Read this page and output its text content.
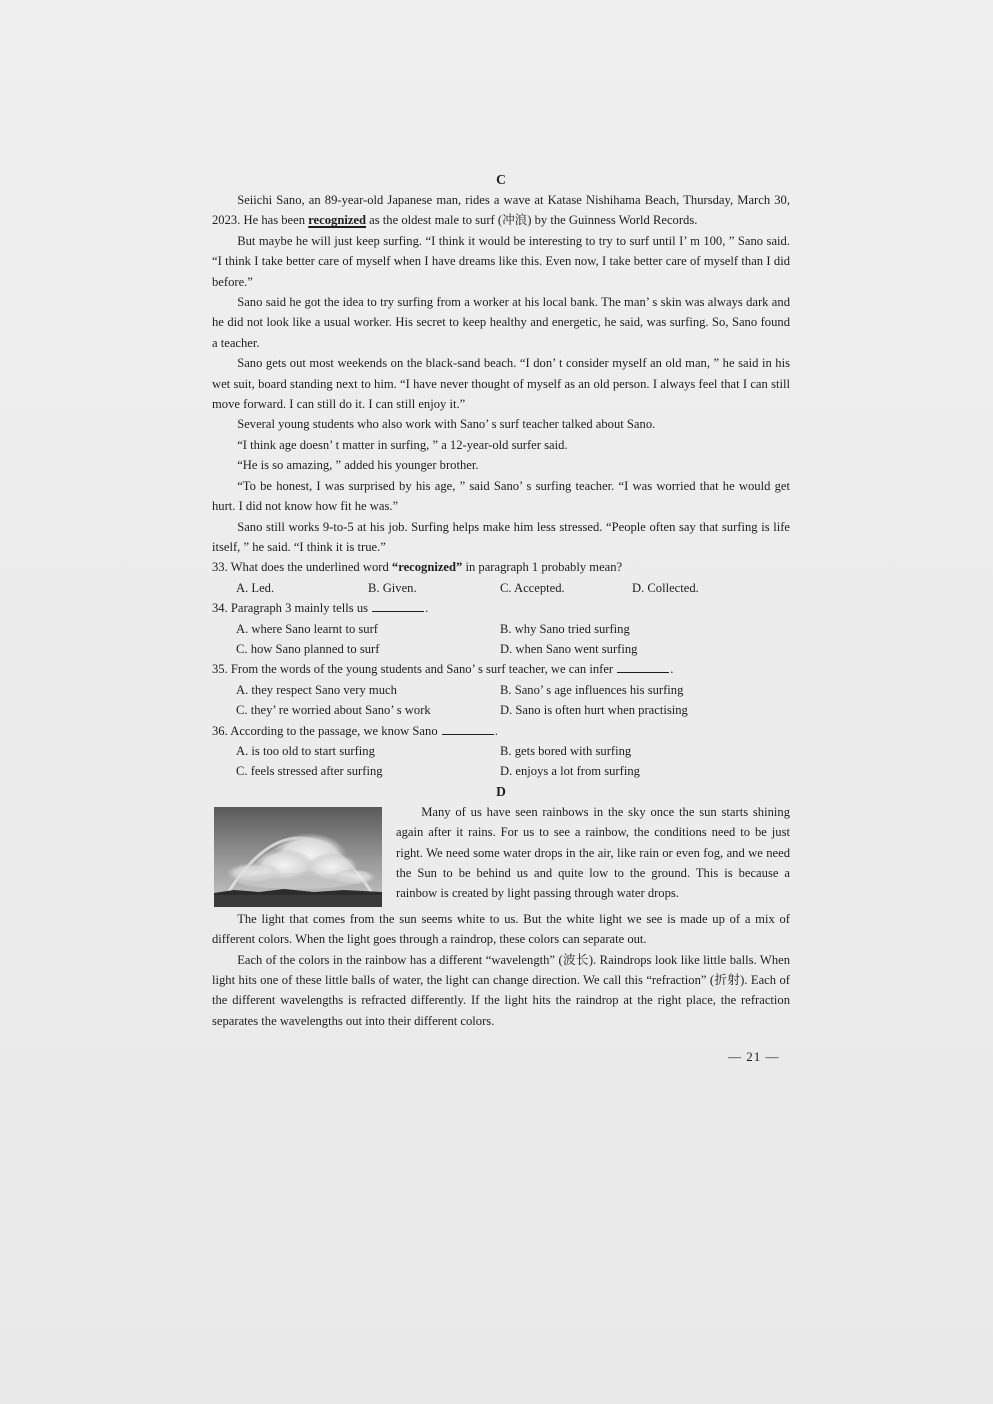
C

Seiichi Sano, an 89-year-old Japanese man, rides a wave at Katase Nishihama Beach, Thursday, March 30, 2023. He has been recognized as the oldest male to surf (冲浪) by the Guinness World Records.

But maybe he will just keep surfing. “I think it would be interesting to try to surf until I’ m 100, ” Sano said. “I think I take better care of myself when I have dreams like this. Even now, I take better care of myself than I did before.”

Sano said he got the idea to try surfing from a worker at his local bank. The man’ s skin was always dark and he did not look like a usual worker. His secret to keep healthy and energetic, he said, was surfing. So, Sano found a teacher.

Sano gets out most weekends on the black-sand beach. “I don’ t consider myself an old man, ” he said in his wet suit, board standing next to him. “I have never thought of myself as an old person. I always feel that I can still move forward. I can still do it. I can still enjoy it.”

Several young students who also work with Sano’ s surf teacher talked about Sano.

“I think age doesn’ t matter in surfing, ” a 12-year-old surfer said.

“He is so amazing, ” added his younger brother.

“To be honest, I was surprised by his age, ” said Sano’ s surfing teacher. “I was worried that he would get hurt. I did not know how fit he was.”

Sano still works 9-to-5 at his job. Surfing helps make him less stressed. “People often say that surfing is life itself, ” he said. “I think it is true.”

33. What does the underlined word “recognized” in paragraph 1 probably mean?

A. Led.	B. Given.	C. Accepted.	D. Collected.

34. Paragraph 3 mainly tells us	.

A. where Sano learnt to surf	B. why Sano tried surfing
C. how Sano planned to surf	D. when Sano went surfing

35. From the words of the young students and Sano’ s surf teacher, we can infer	.

A. they respect Sano very much	B. Sano’ s age influences his surfing
C. they’ re worried about Sano’ s work	D. Sano is often hurt when practising

36. According to the passage, we know Sano	.

A. is too old to start surfing	B. gets bored with surfing
C. feels stressed after surfing	D. enjoys a lot from surfing
D

Many of us have seen rainbows in the sky once the sun starts shining again after it rains. For us to see a rainbow, the conditions need to be just right. We need some water drops in the air, like rain or even fog, and we need the Sun to be behind us and quite low to the ground. This is because a rainbow is created by light passing through water drops.

The light that comes from the sun seems white to us. But the white light we see is made up of a mix of different colors. When the light goes through a raindrop, these colors can separate out.

Each of the colors in the rainbow has a different “wavelength” (波长). Raindrops look like little balls. When light hits one of these little balls of water, the light can change direction. We call this “refraction” (折射). Each of the different wavelengths is refracted differently. If the light hits the raindrop at the right place, the refraction separates the wavelengths out into their different colors.

— 21 —
